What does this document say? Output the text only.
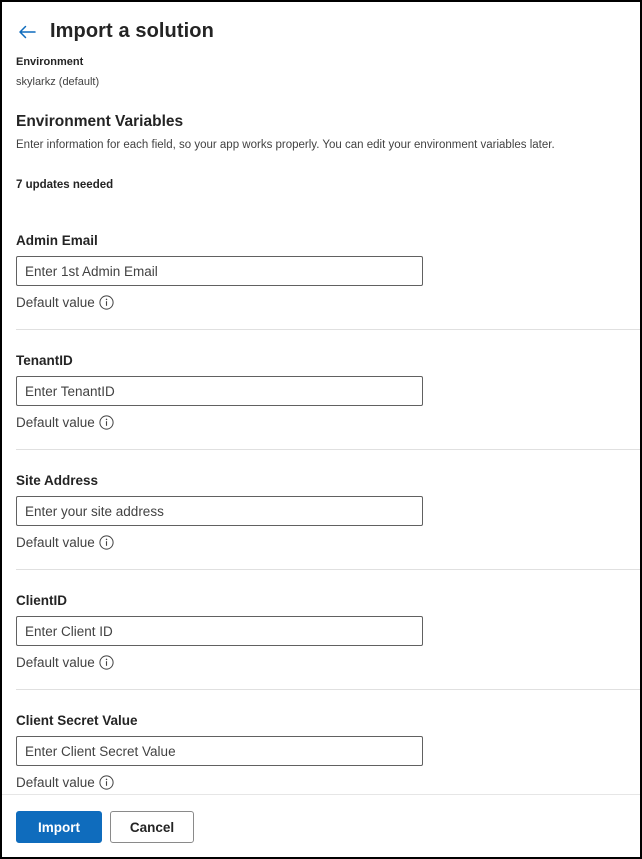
Import a solution
Environment
skylarkz (default)
Environment Variables
Enter information for each field, so your app works properly. You can edit your environment variables later.
7 updates needed
Admin Email
Enter 1st Admin Email
Default value
TenantID
Enter TenantID
Default value
Site Address
Enter your site address
Default value
ClientID
Enter Client ID
Default value
Client Secret Value
Enter Client Secret Value
Default value
Import	Cancel
